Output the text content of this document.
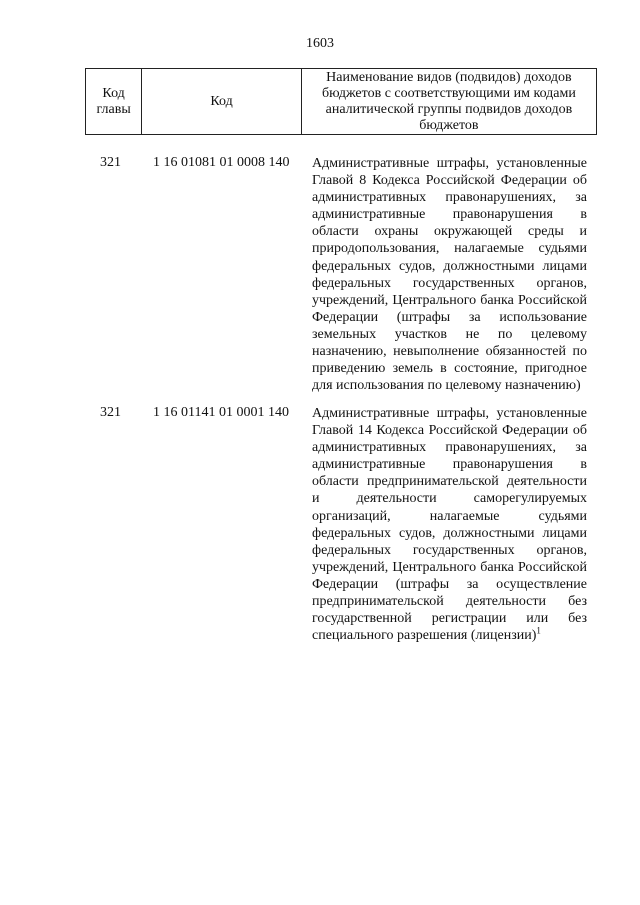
1603
Код главы	Код	Наименование видов (подвидов) доходов бюджетов с соответствующими им кодами аналитической группы подвидов доходов бюджетов
321	1 16 01081 01 0008 140 Административные штрафы, установленные Главой 8 Кодекса Российской Федерации об административных правонарушениях, за административные правонарушения в области охраны окружающей среды и природопользования, налагаемые судьями федеральных судов, должностными лицами федеральных государственных органов, учреждений, Центрального банка Российской Федерации (штрафы за использование земельных участков не по целевому назначению, невыполнение обязанностей по приведению земель в состояние, пригодное для использования по целевому назначению)
321	1 16 01141 01 0001 140 Административные штрафы, установленные Главой 14 Кодекса Российской Федерации об административных правонарушениях, за административные правонарушения в области предпринимательской деятельности и деятельности саморегулируемых организаций, налагаемые судьями федеральных судов, должностными лицами федеральных государственных органов, учреждений, Центрального банка Российской Федерации (штрафы за осуществление предпринимательской деятельности без государственной регистрации или без специального разрешения (лицензии)$^1$
